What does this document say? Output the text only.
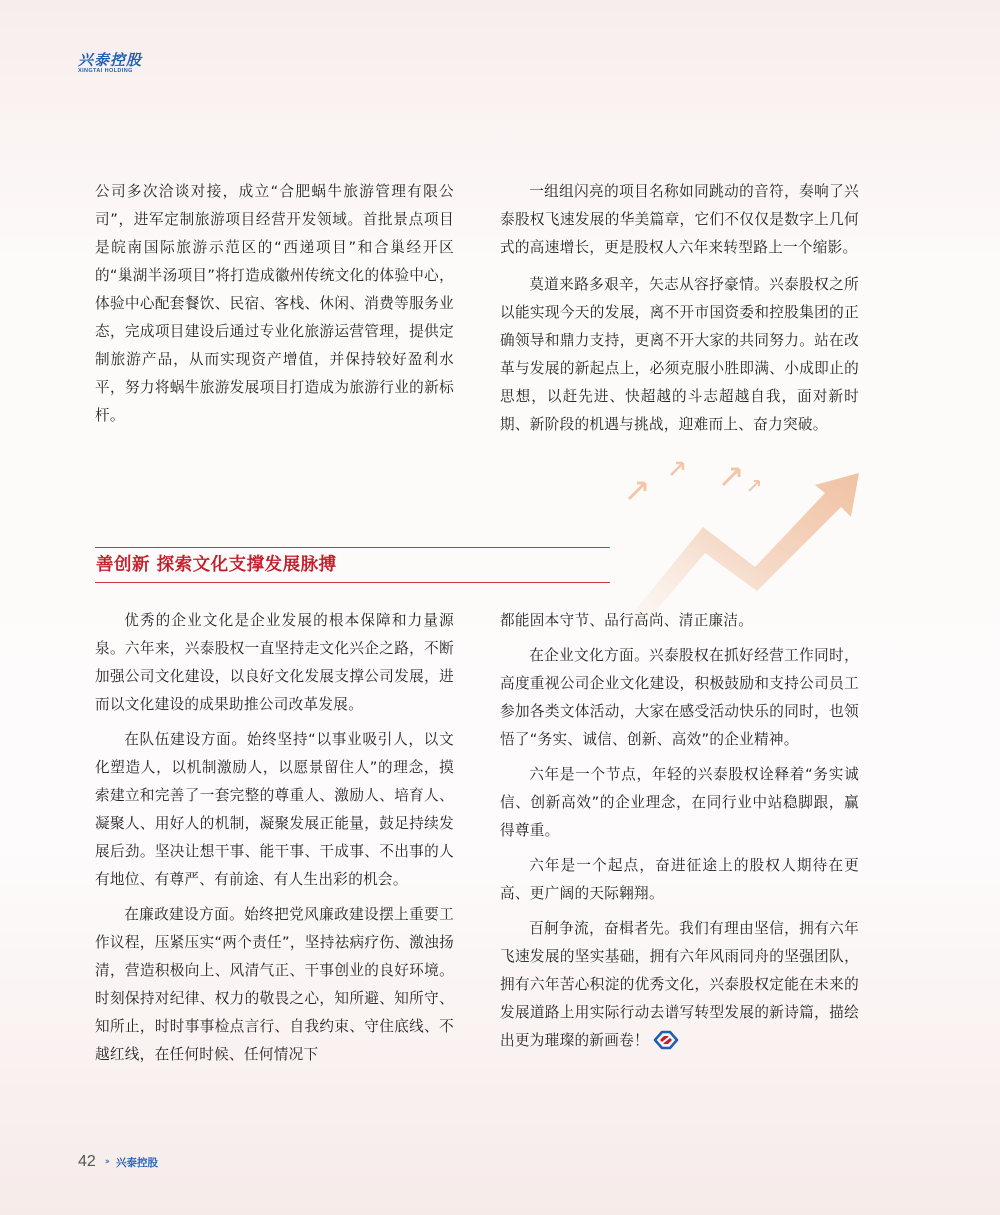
兴泰控股
XINGTAI HOLDING

公司多次洽谈对接，成立“合肥蜗牛旅游管理有限公司”，进军定制旅游项目经营开发领域。首批景点项目是皖南国际旅游示范区的“西递项目”和合巢经开区的“巢湖半汤项目”将打造成徽州传统文化的体验中心，体验中心配套餐饮、民宿、客栈、休闲、消费等服务业态，完成项目建设后通过专业化旅游运营管理，提供定制旅游产品，从而实现资产增值，并保持较好盈利水平，努力将蜗牛旅游发展项目打造成为旅游行业的新标杆。

一组组闪亮的项目名称如同跳动的音符，奏响了兴泰股权飞速发展的华美篇章，它们不仅仅是数字上几何式的高速增长，更是股权人六年来转型路上一个缩影。

莫道来路多艰辛，矢志从容抒豪情。兴泰股权之所以能实现今天的发展，离不开市国资委和控股集团的正确领导和鼎力支持，更离不开大家的共同努力。站在改革与发展的新起点上，必须克服小胜即满、小成即止的思想，以赶先进、快超越的斗志超越自我，面对新时期、新阶段的机遇与挑战，迎难而上、奋力突破。

善创新 探索文化支撑发展脉搏

优秀的企业文化是企业发展的根本保障和力量源泉。六年来，兴泰股权一直坚持走文化兴企之路，不断加强公司文化建设，以良好文化发展支撑公司发展，进而以文化建设的成果助推公司改革发展。

在队伍建设方面。始终坚持“以事业吸引人，以文化塑造人，以机制激励人，以愿景留住人”的理念，摸索建立和完善了一套完整的尊重人、激励人、培育人、凝聚人、用好人的机制，凝聚发展正能量，鼓足持续发展后劲。坚决让想干事、能干事、干成事、不出事的人有地位、有尊严、有前途、有人生出彩的机会。

在廉政建设方面。始终把党风廉政建设摆上重要工作议程，压紧压实“两个责任”，坚持祛病疗伤、激浊扬清，营造积极向上、风清气正、干事创业的良好环境。时刻保持对纪律、权力的敬畏之心，知所避、知所守、知所止，时时事事检点言行、自我约束、守住底线、不越红线，在任何时候、任何情况下

都能固本守节、品行高尚、清正廉洁。

在企业文化方面。兴泰股权在抓好经营工作同时，高度重视公司企业文化建设，积极鼓励和支持公司员工参加各类文体活动，大家在感受活动快乐的同时，也领悟了“务实、诚信、创新、高效”的企业精神。

六年是一个节点，年轻的兴泰股权诠释着“务实诚信、创新高效”的企业理念，在同行业中站稳脚跟，赢得尊重。

六年是一个起点，奋进征途上的股权人期待在更高、更广阔的天际翱翔。

百舸争流，奋楫者先。我们有理由坚信，拥有六年飞速发展的坚实基础，拥有六年风雨同舟的坚强团队，拥有六年苦心积淀的优秀文化，兴泰股权定能在未来的发展道路上用实际行动去谱写转型发展的新诗篇，描绘出更为璀璨的新画卷！

42 ›› 兴泰控股
